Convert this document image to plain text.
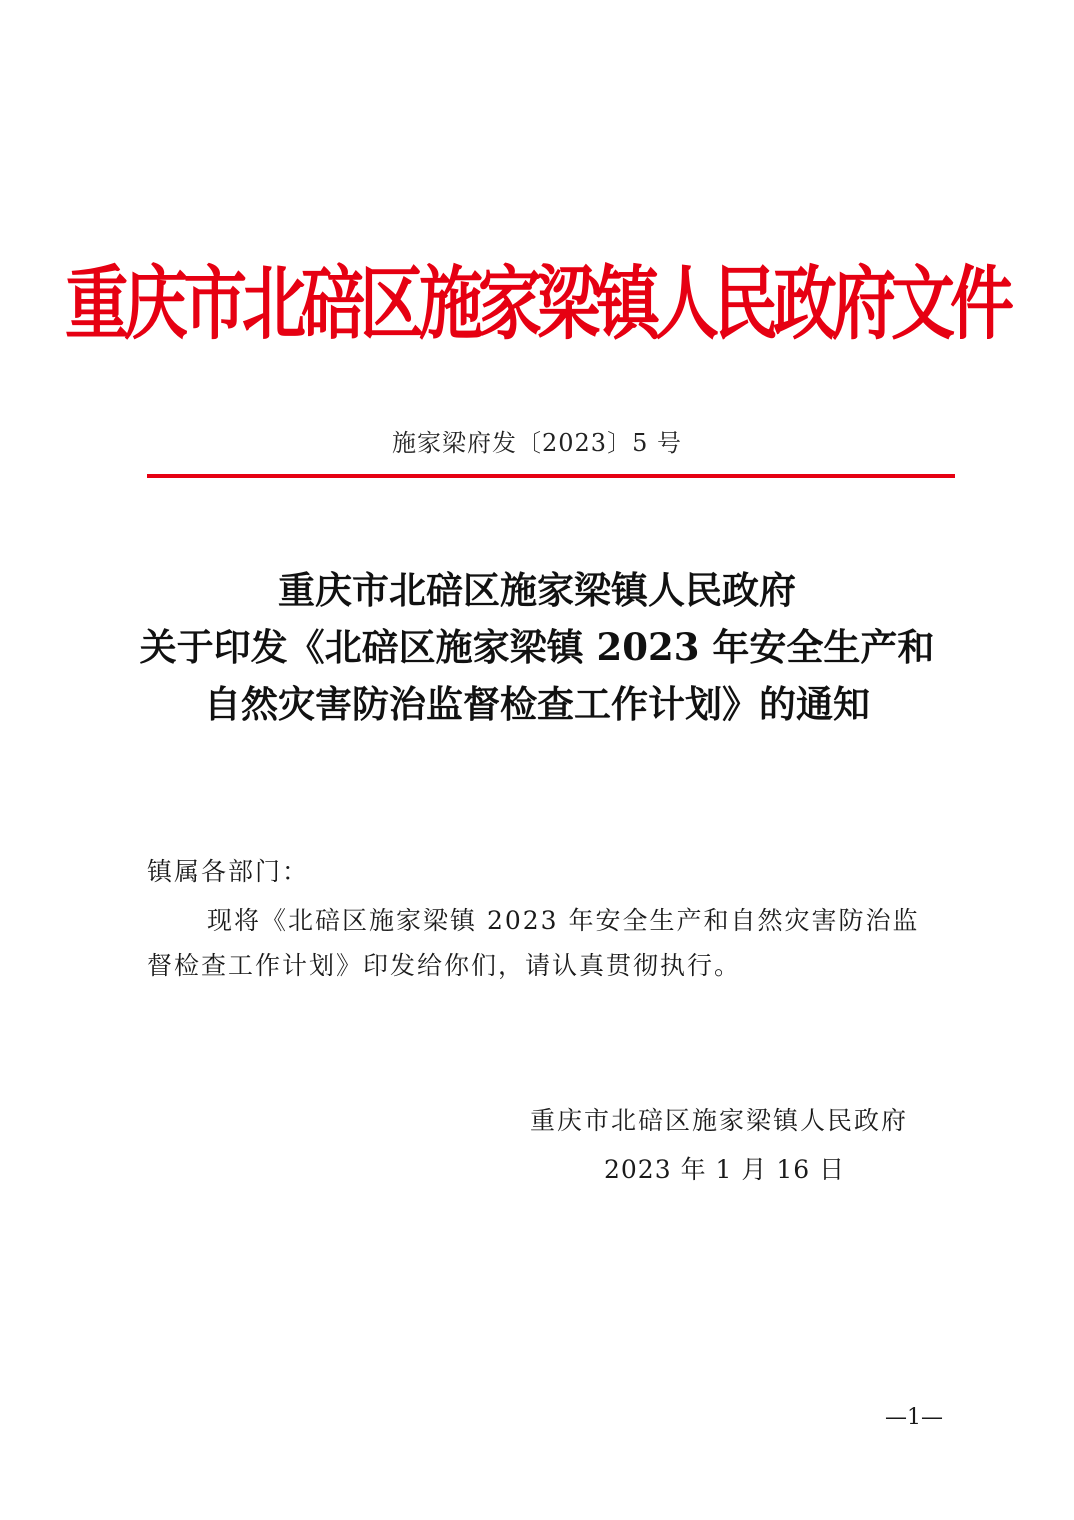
重庆市北碚区施家梁镇人民政府文件
施家梁府发〔2023〕5 号
重庆市北碚区施家梁镇人民政府
关于印发《北碚区施家梁镇 2023 年安全生产和
自然灾害防治监督检查工作计划》的通知
镇属各部门：
现将《北碚区施家梁镇 2023 年安全生产和自然灾害防治监
督检查工作计划》印发给你们，请认真贯彻执行。
重庆市北碚区施家梁镇人民政府
2023 年 1 月 16 日
—1—
